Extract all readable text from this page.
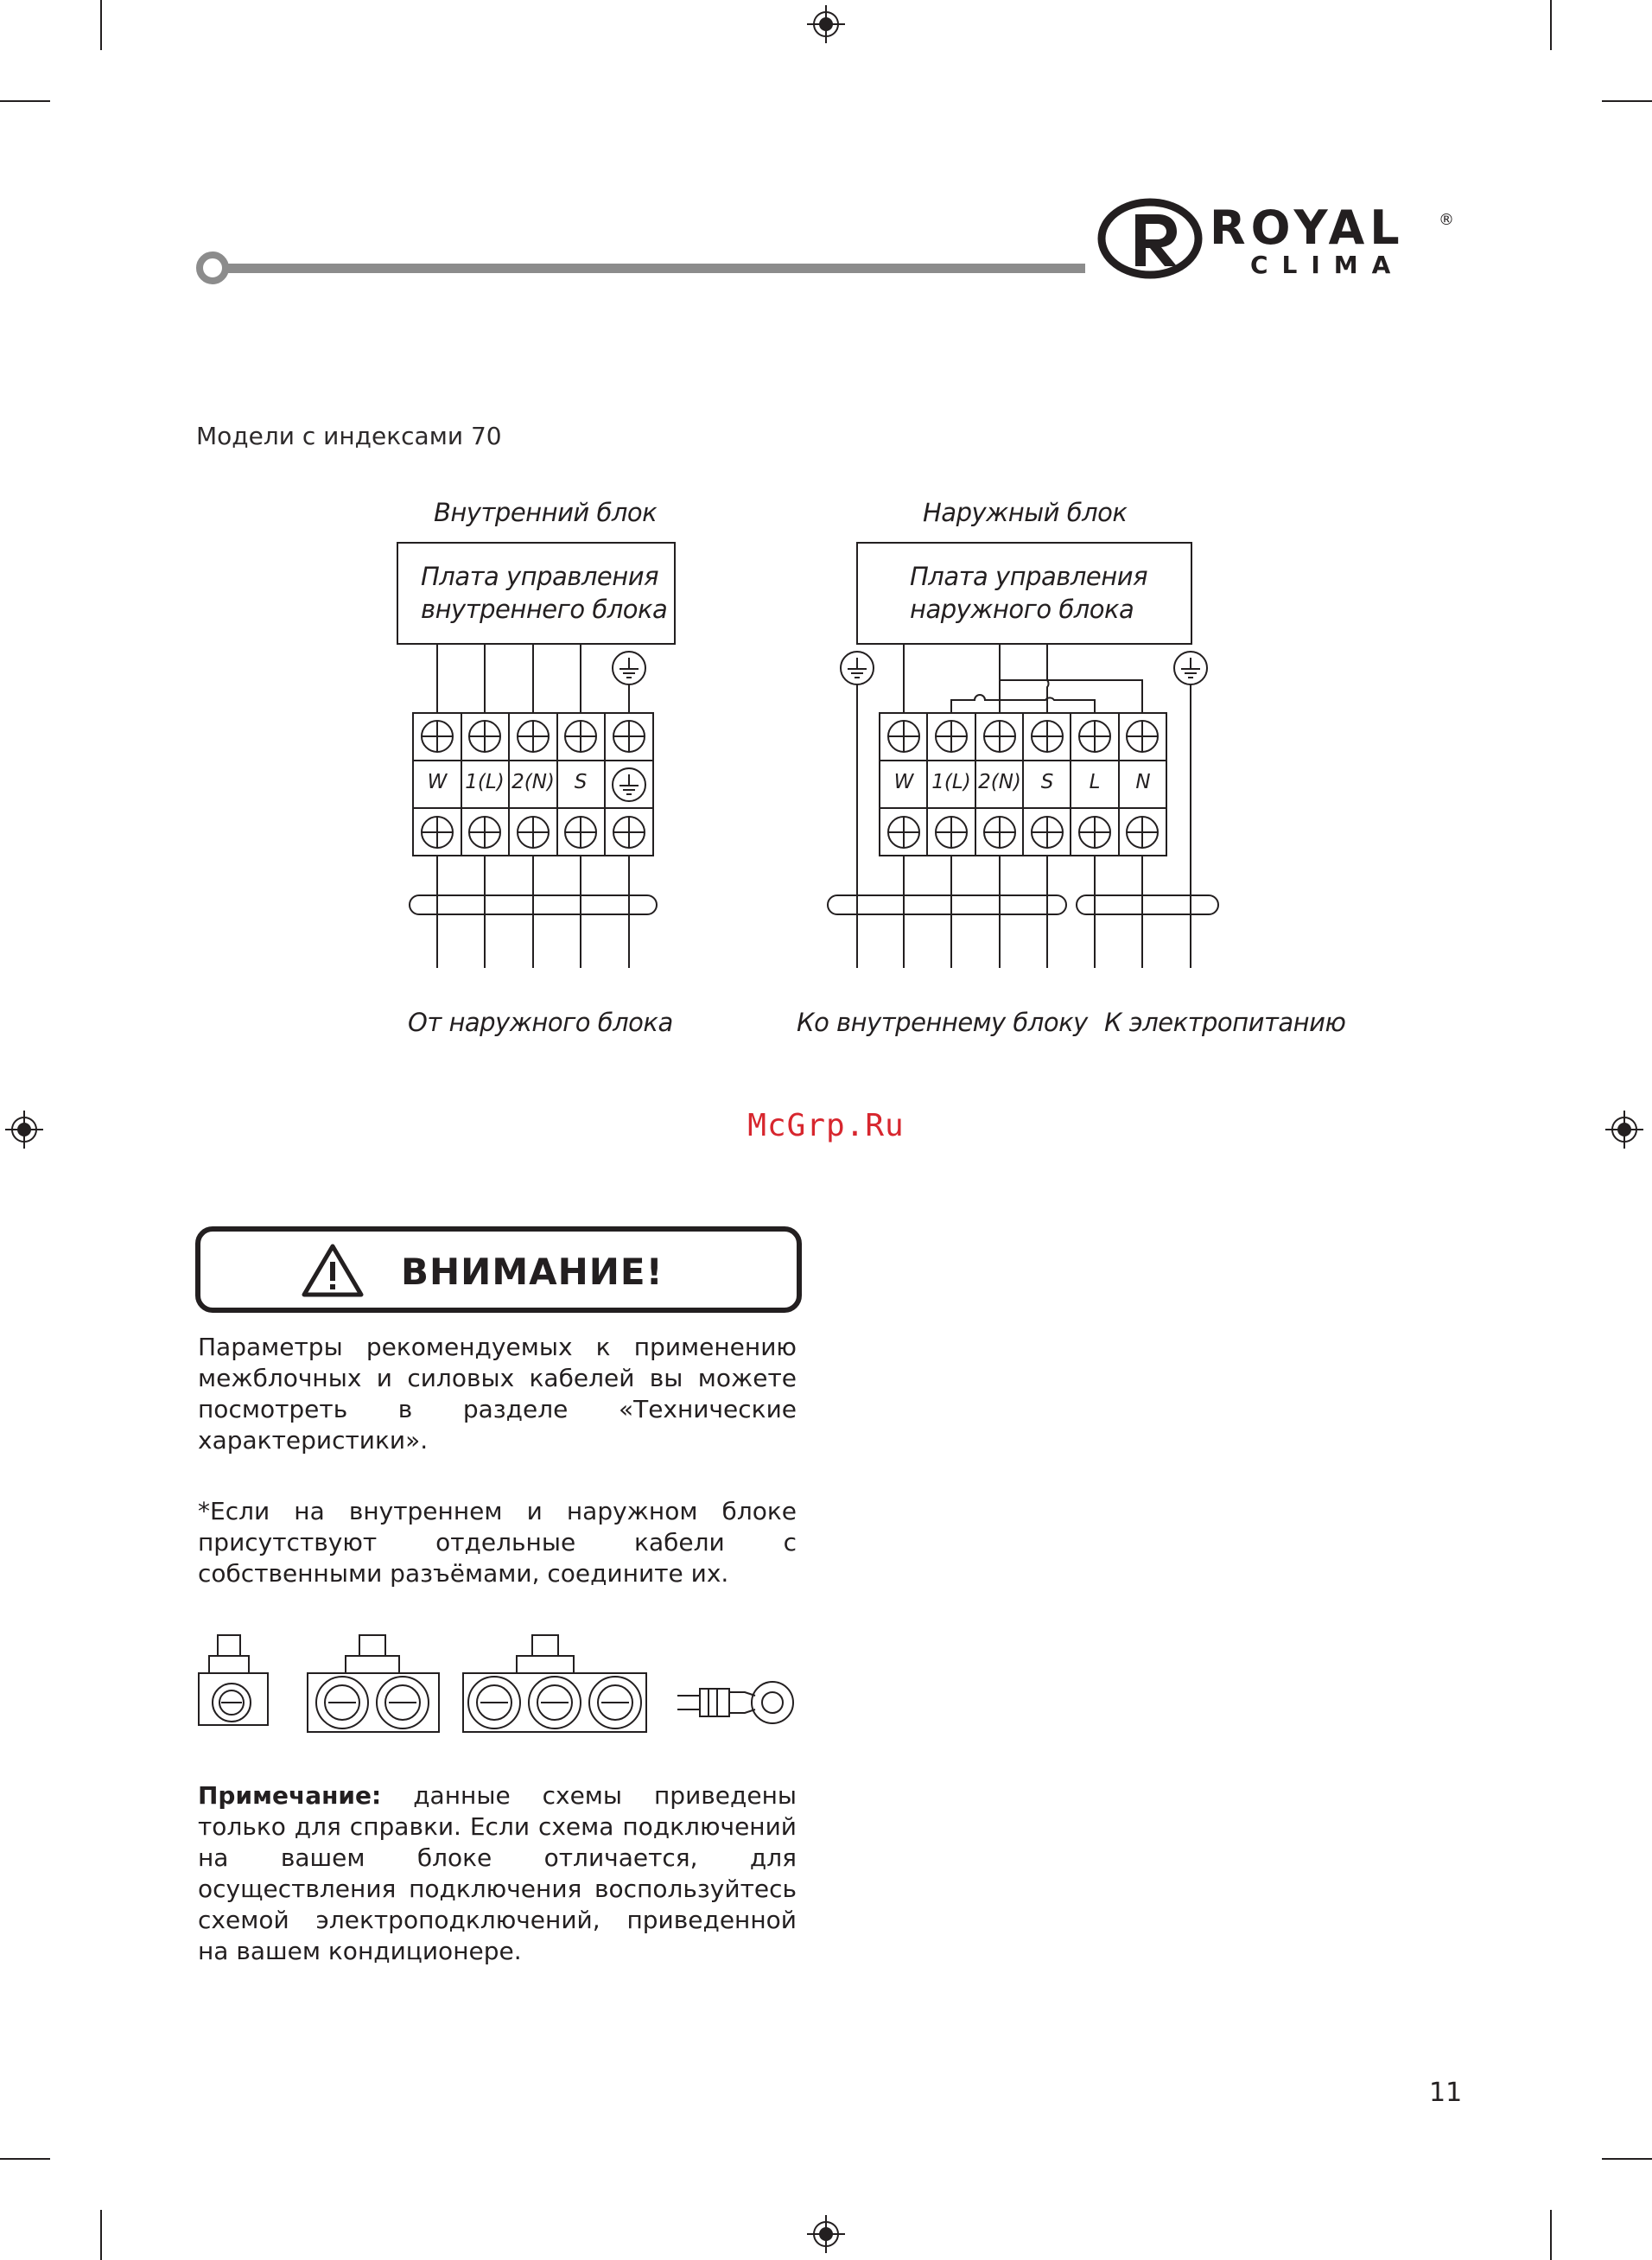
ROYAL
CLIMA
®
Модели с индексами 70
Внутренний блок
Плата управления
внутреннего блока
Наружный блок
Плата управления
наружного блока
W 1(L) 2(N) S	W 1(L) 2(N) S	L	N
От наружного блока	Ко внутреннему блоку К электропитанию
McGrp.Ru
ВНИМАНИЕ!
Параметры рекомендуемых к применению межблочных и силовых кабелей вы можете посмотреть в разделе «Технические характеристики».
*Если на внутреннем и наружном блоке присутствуют отдельные кабели с собственными разъёмами, соедините их.
Примечание: данные схемы приведены только для справки. Если схема подключений на вашем блоке отличается, для осуществления подключения воспользуйтесь схемой электроподключений, приведенной на вашем кондиционере.
11
